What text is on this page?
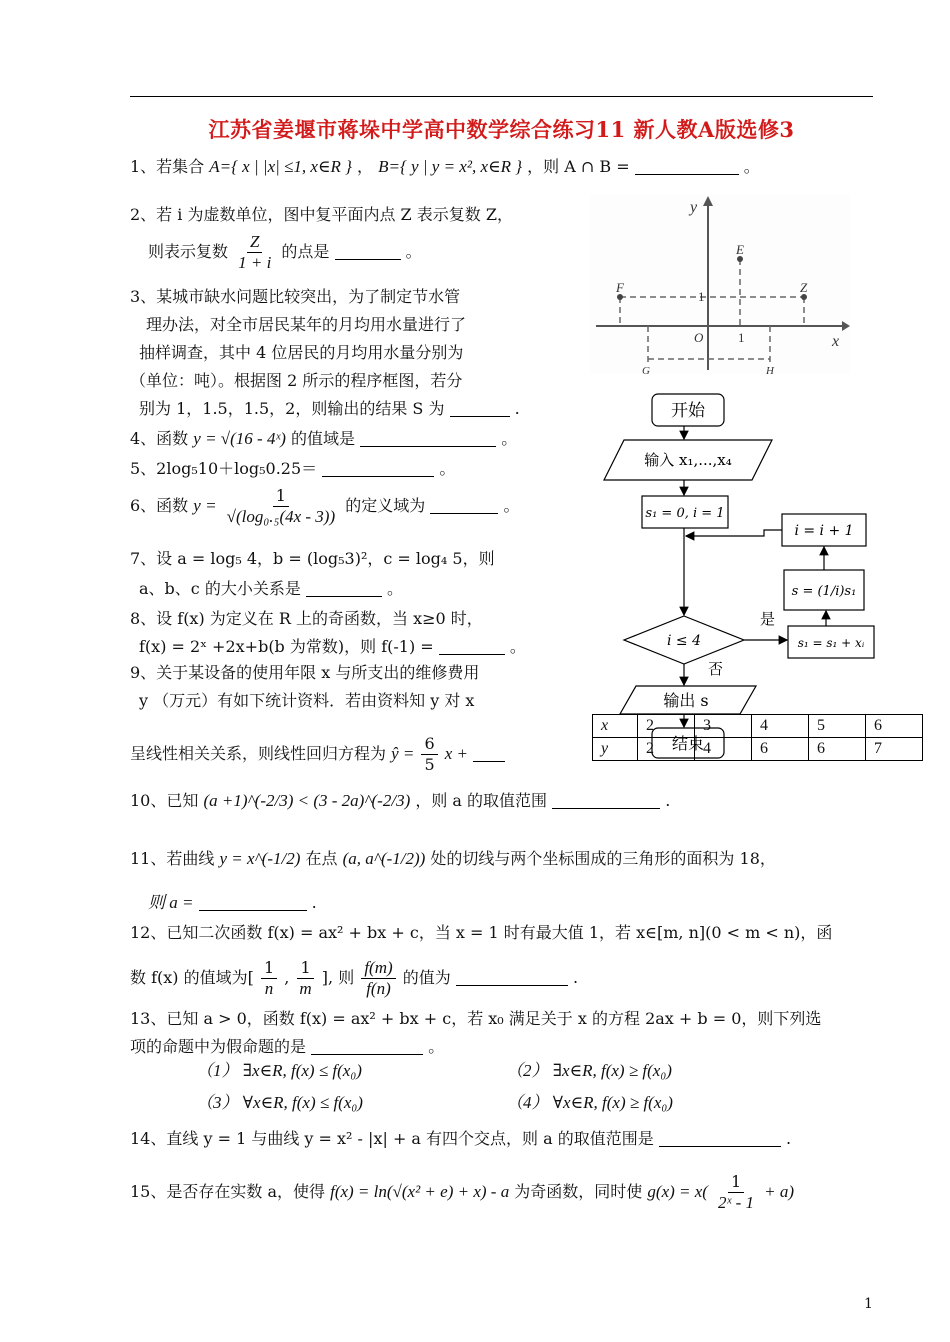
江苏省姜堰市蒋垛中学高中数学综合练习11 新人教A版选修3
1、若集合 A={ x | |x| ≤1, x∈R } ， B={ y | y = x², x∈R } ，则 A ∩ B =	。
2、若 i 为虚数单位，图中复平面内点 Z 表示复数 Z，
则表示复数 $\frac{Z}{1 + i}$ 的点是	。
y
x
O	1
1
E
F	Z
G	H
3、某城市缺水问题比较突出，为了制定节水管
理办法，对全市居民某年的月均用水量进行了
抽样调查，其中 4 位居民的月均用水量分别为
（单位：吨）。根据图 2 所示的程序框图，若分
别为 1，1.5，1.5，2，则输出的结果 S 为	.
4、函数 y = √(16 - 4ˣ) 的值域是	。
5、2log₅10＋log₅0.25＝	。
6、函数 $y = \frac{1}{\text{√(log₀.₅(4x - 3))}}$ 的定义域为	。
7、设 a = log₅ 4，b = (log₅3)²，c = log₄ 5，则
a、b、c 的大小关系是	。
8、设 f(x) 为定义在 R 上的奇函数，当 x≥0 时，
f(x) = 2ˣ +2x+b(b 为常数)，则 f(-1) =	。
9、关于某设备的使用年限 x 与所支出的维修费用
y （万元）有如下统计资料．若由资料知 y 对 x
呈线性相关关系，则线性回归方程为 ŷ = $\frac{6}{5}$ x +
开始
输入 x₁,...,x₄
s₁ = 0, i = 1
i ≤ 4
是
否
s₁ = s₁ + xᵢ
s = (1/i)s₁
i = i + 1
输出 s
结束
x	2	3	4	5	6
y	2	4	6	6	7
10、已知 (a +1)^(-2/3) < (3 - 2a)^(-2/3) ，则 a 的取值范围	.
11、若曲线 y = x^(-1/2) 在点 (a, a^(-1/2)) 处的切线与两个坐标围成的三角形的面积为 18，
则 a =	.
12、已知二次函数 f(x) = ax² + bx + c，当 x = 1 时有最大值 1，若 x∈[m, n](0 < m < n)，函
数 f(x) 的值域为[ $\frac{1}{n}$ , $\frac{1}{m}$ ], 则 $\frac{f(m)}{f(n)}$ 的值为	.
13、已知 a > 0，函数 f(x) = ax² + bx + c，若 x₀ 满足关于 x 的方程 2ax + b = 0，则下列选
项的命题中为假命题的是	。
（1） ∃x∈R, f(x) ≤ f(x₀)	（2） ∃x∈R, f(x) ≥ f(x₀)
（3） ∀x∈R, f(x) ≤ f(x₀)	（4） ∀x∈R, f(x) ≥ f(x₀)
14、直线 y = 1 与曲线 y = x² - |x| + a 有四个交点，则 a 的取值范围是	.
15、是否存在实数 a，使得 f(x) = ln(√(x² + e) + x) - a 为奇函数，同时使 $g(x) = x( \frac{1}{\text{2ˣ - 1}} + a)$
1
